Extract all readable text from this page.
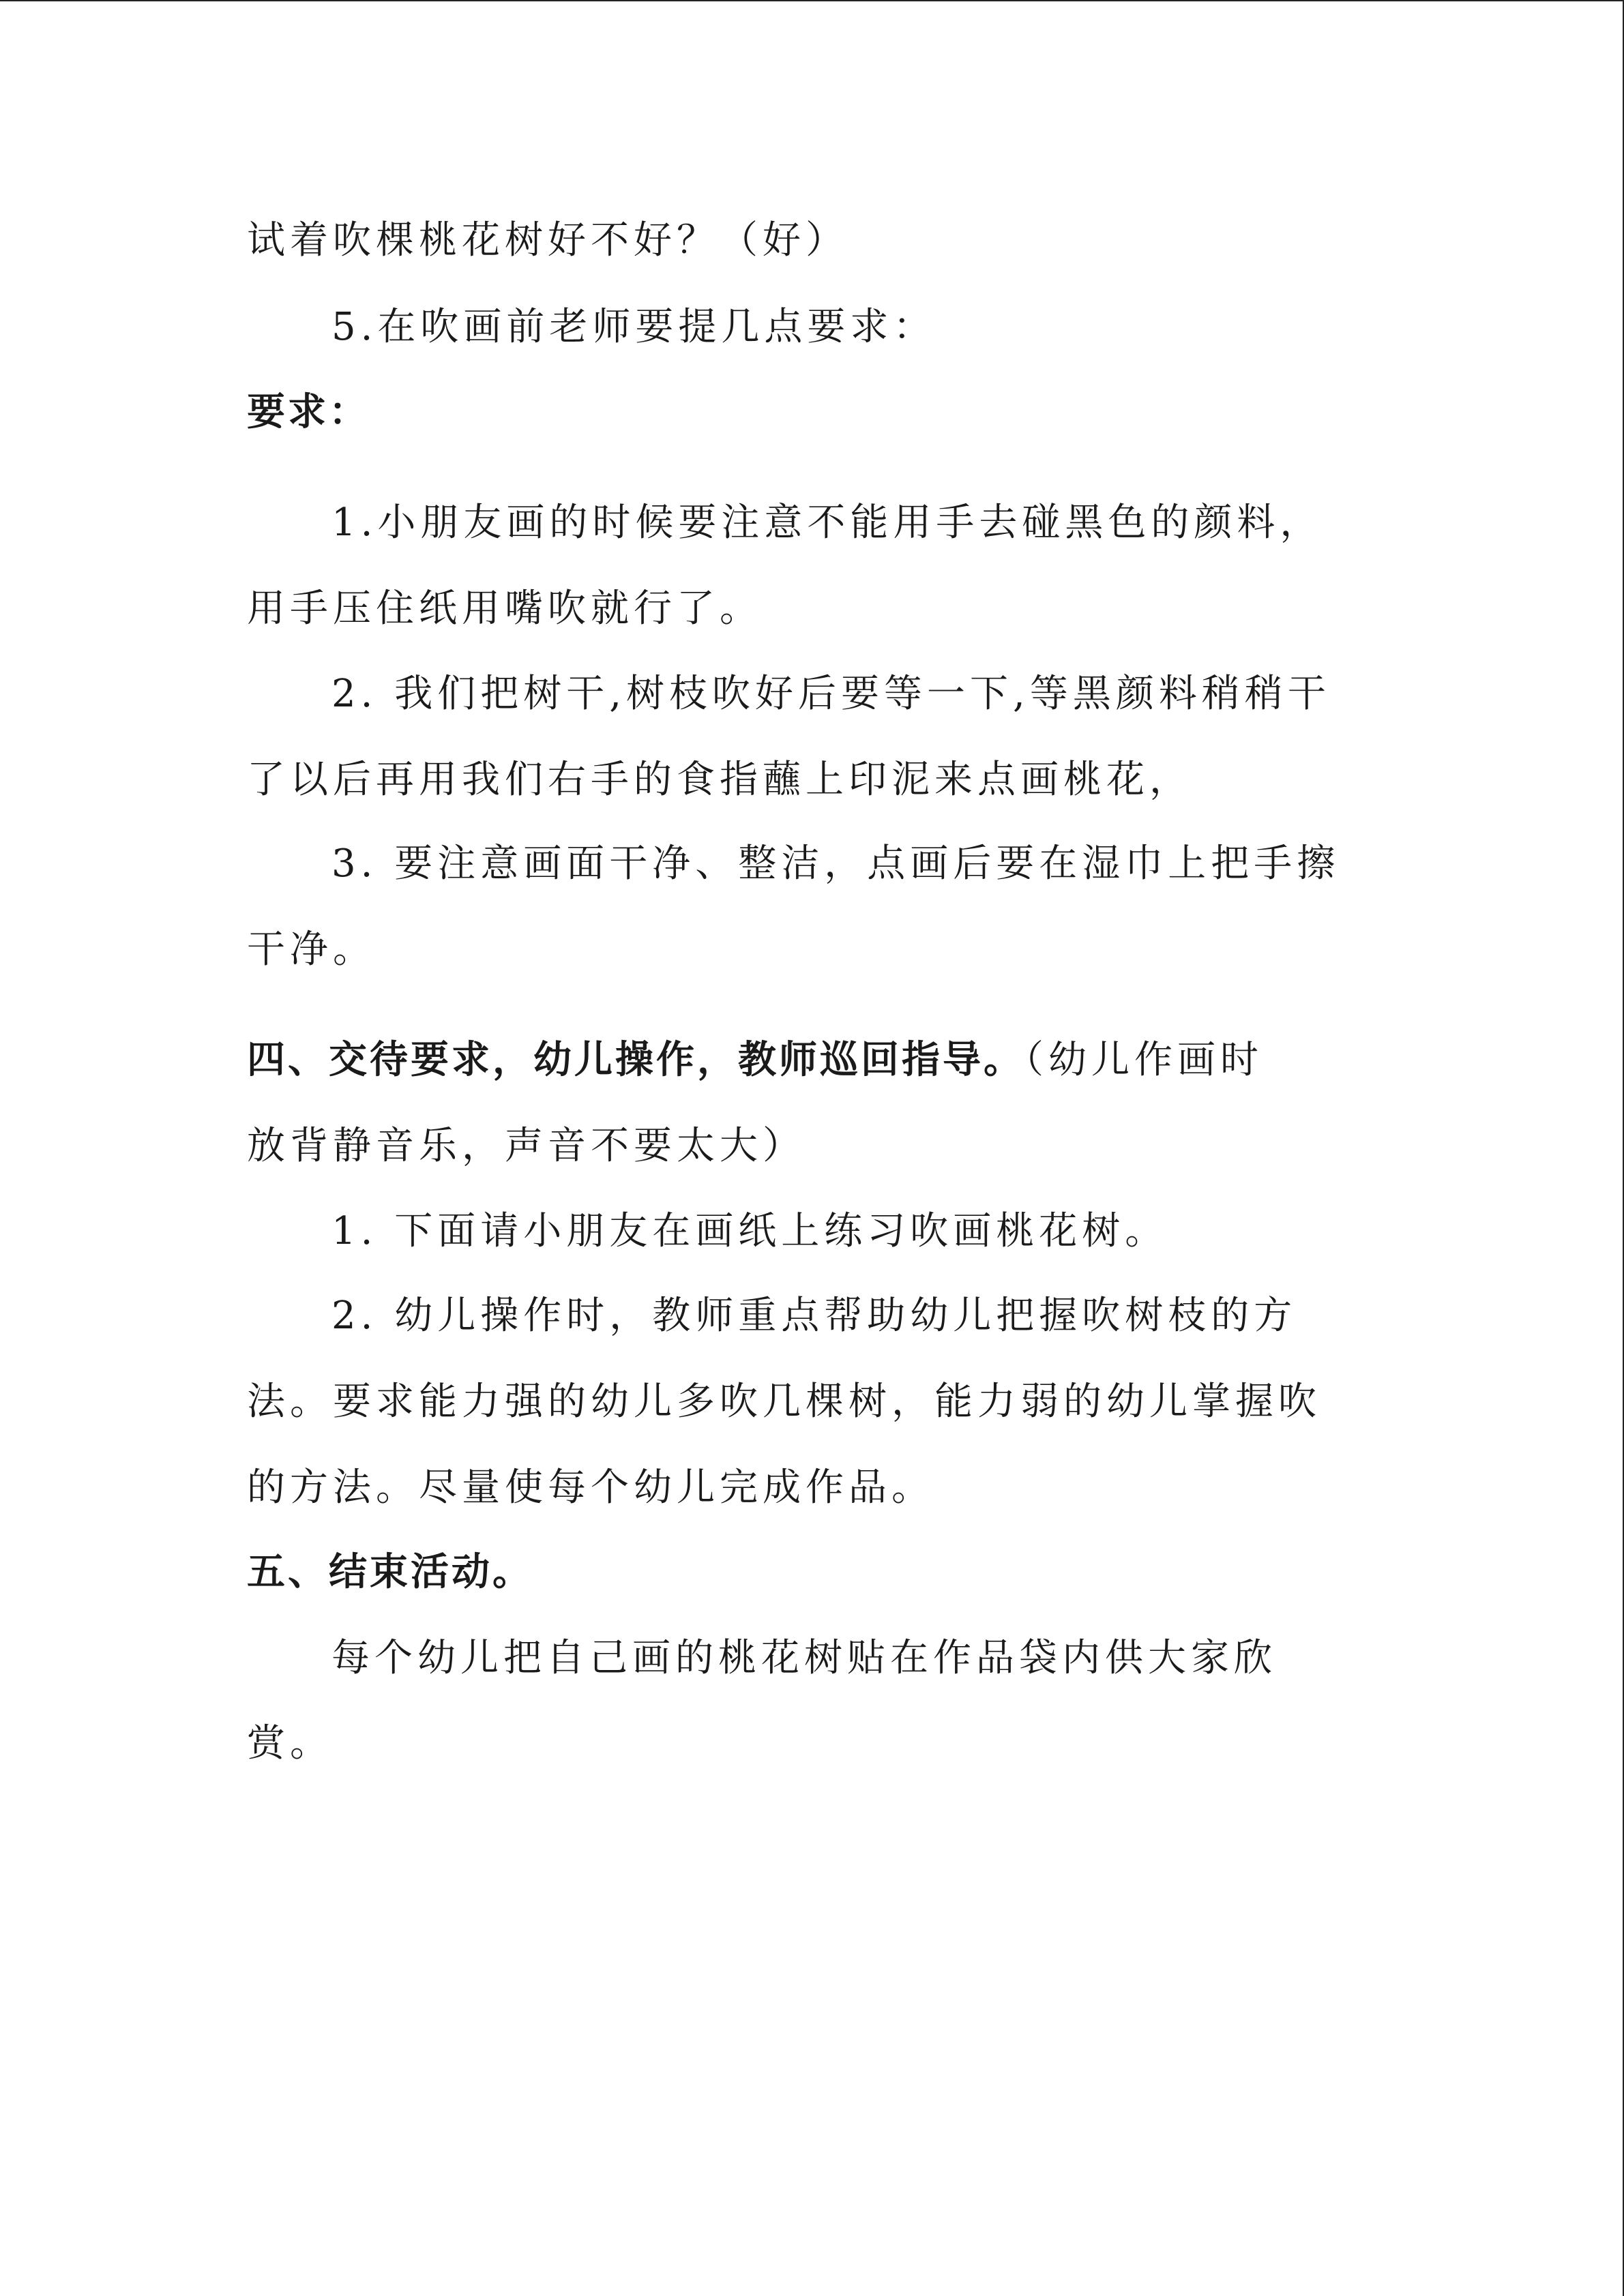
试着吹棵桃花树好不好？（好）
5.在吹画前老师要提几点要求：
要求：
1.小朋友画的时候要注意不能用手去碰黑色的颜料，
用手压住纸用嘴吹就行了。
2. 我们把树干,树枝吹好后要等一下,等黑颜料稍稍干
了以后再用我们右手的食指蘸上印泥来点画桃花，
3. 要注意画面干净、整洁，点画后要在湿巾上把手擦
干净。
四、交待要求，幼儿操作，教师巡回指导。（幼儿作画时
放背静音乐，声音不要太大）
1. 下面请小朋友在画纸上练习吹画桃花树。
2. 幼儿操作时，教师重点帮助幼儿把握吹树枝的方
法。要求能力强的幼儿多吹几棵树，能力弱的幼儿掌握吹
的方法。尽量使每个幼儿完成作品。
五、结束活动。
每个幼儿把自己画的桃花树贴在作品袋内供大家欣
赏。
